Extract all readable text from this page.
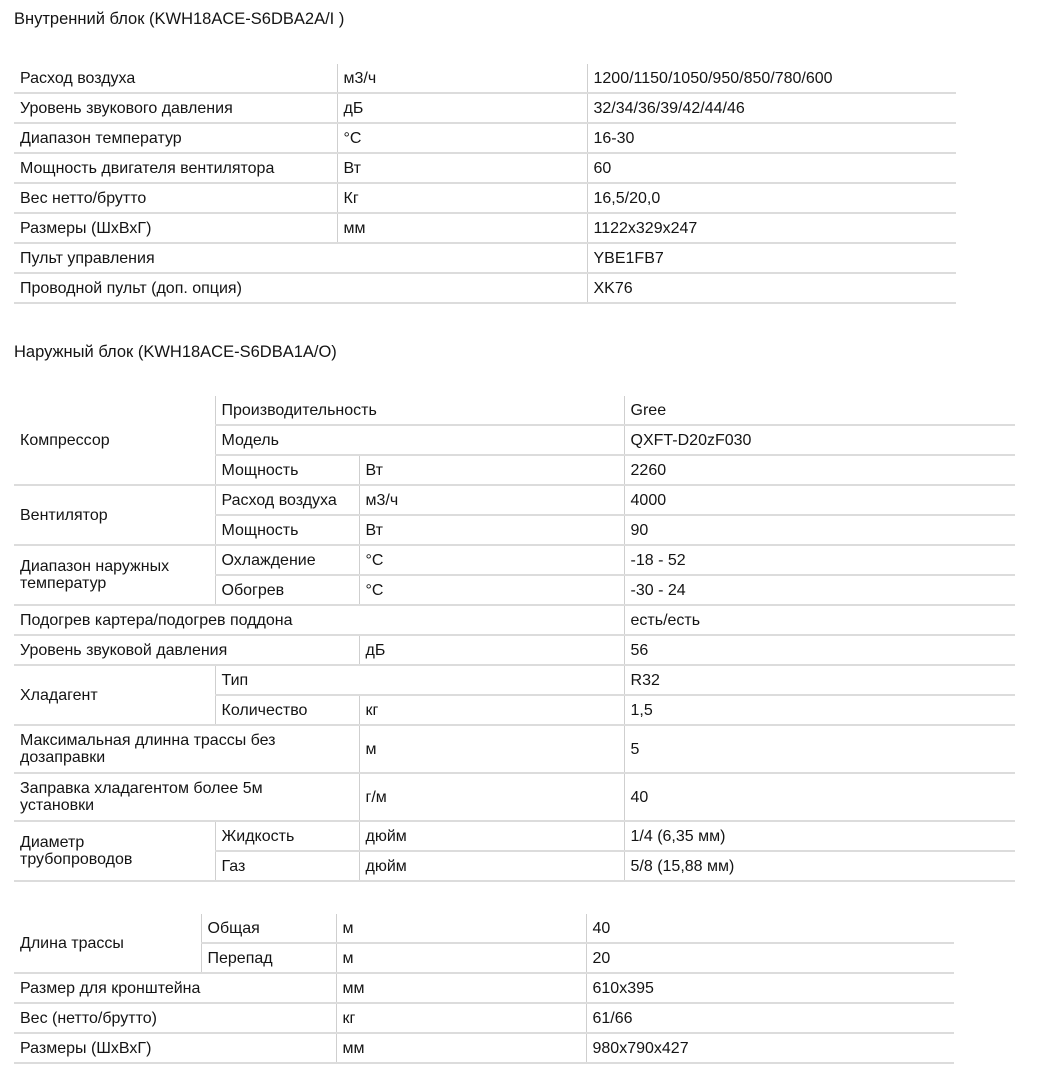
Внутренний блок (KWH18ACE-S6DBA2A/I )
Расход воздуха	м3/ч	1200/1150/1050/950/850/780/600
Уровень звукового давления	дБ	32/34/36/39/42/44/46
Диапазон температур	°C	16-30
Мощность двигателя вентилятора	Вт	60
Вес нетто/брутто	Кг	16,5/20,0
Размеры (ШхВхГ)	мм	1122х329х247
Пульт управления		YBE1FB7
Проводной пульт (доп. опция)		XK76
Наружный блок (KWH18ACE-S6DBA1A/O)
Компрессор	Производительность		Gree
	Модель		QXFT-D20zF030
	Мощность	Вт	2260
Вентилятор	Расход воздуха	м3/ч	4000
	Мощность	Вт	90
Диапазон наружных температур	Охлаждение	°C	-18 - 52
	Обогрев	°C	-30 - 24
Подогрев картера/подогрев поддона			есть/есть
Уровень звуковой давления		дБ	56
Хладагент	Тип		R32
	Количество	кг	1,5
Максимальная длинна трассы без дозаправки		м	5
Заправка хладагентом более 5м установки		г/м	40
Диаметр трубопроводов	Жидкость	дюйм	1/4 (6,35 мм)
	Газ	дюйм	5/8 (15,88 мм)
Длина трассы	Общая	м	40
	Перепад	м	20
Размер для кронштейна		мм	610х395
Вес (нетто/брутто)		кг	61/66
Размеры (ШхВхГ)		мм	980х790х427
